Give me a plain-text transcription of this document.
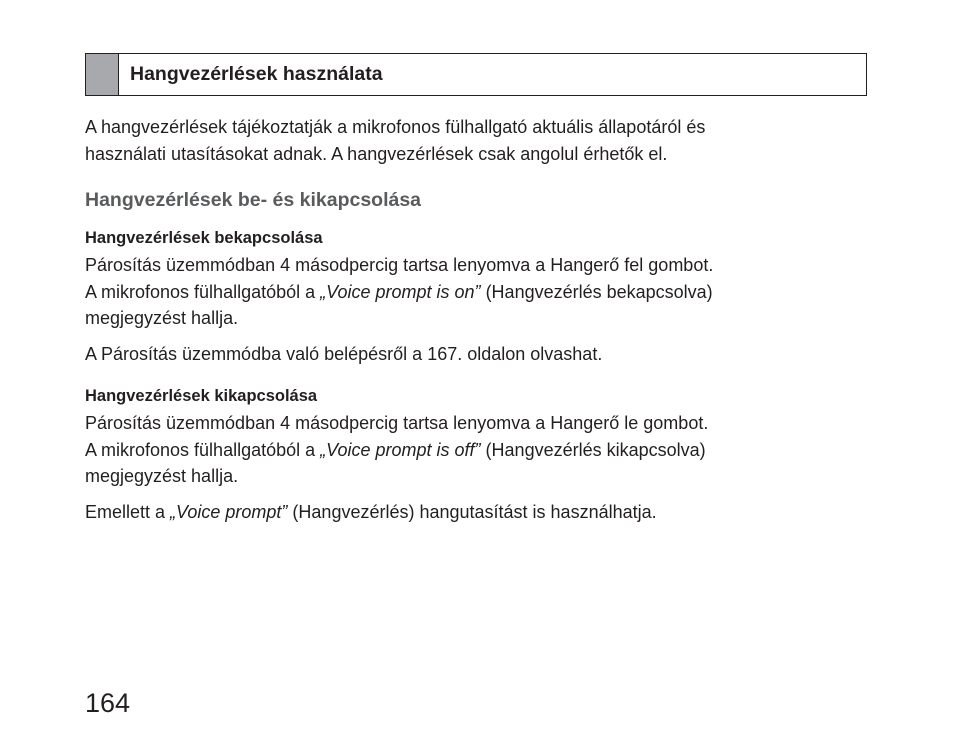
Hangvezérlések használata

A hangvezérlések tájékoztatják a mikrofonos fülhallgató aktuális állapotáról és
használati utasításokat adnak. A hangvezérlések csak angolul érhetők el.

Hangvezérlések be- és kikapcsolása
Hangvezérlések bekapcsolása

Párosítás üzemmódban 4 másodpercig tartsa lenyomva a Hangerő fel gombot.
A mikrofonos fülhallgatóból a „Voice prompt is on” (Hangvezérlés bekapcsolva)
megjegyzést hallja.

A Párosítás üzemmódba való belépésről a 167. oldalon olvashat.

Hangvezérlések kikapcsolása

Párosítás üzemmódban 4 másodpercig tartsa lenyomva a Hangerő le gombot.
A mikrofonos fülhallgatóból a „Voice prompt is off” (Hangvezérlés kikapcsolva)
megjegyzést hallja.

Emellett a „Voice prompt” (Hangvezérlés) hangutasítást is használhatja.

164
